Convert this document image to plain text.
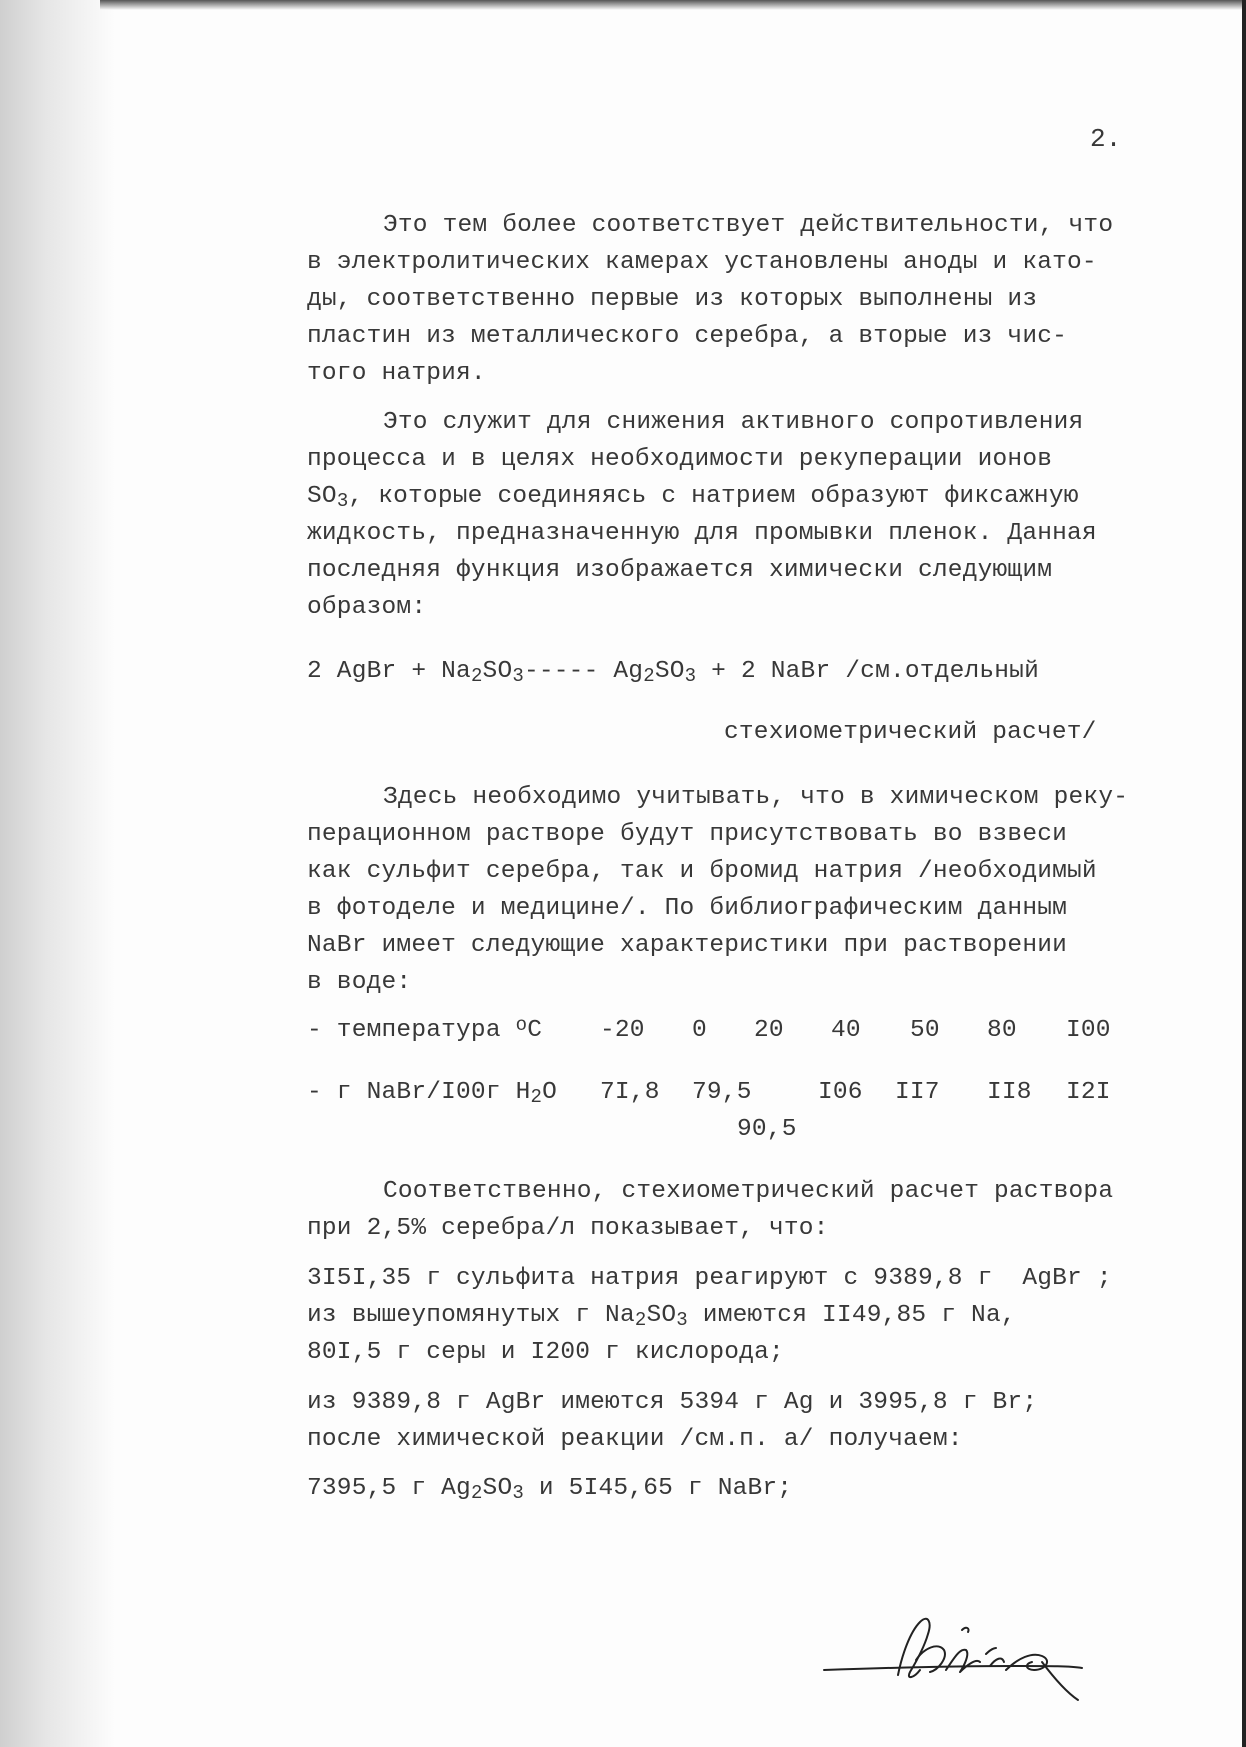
2.
Это тем более соответствует действительности, что
в электролитических камерах установлены аноды и като-
ды, соответственно первые из которых выполнены из
пластин из металлического серебра, а вторые из чис-
того натрия.
Это служит для снижения активного сопротивления
процесса и в целях необходимости рекуперации ионов
$SO_3$, которые соединяясь с натрием образуют фиксажную
жидкость, предназначенную для промывки пленок. Данная
последняя функция изображается химически следующим
образом:
2 AgBr + $Na_2SO_3-----$ $Ag_2SO_3 + 2$ NaBr /см.отдельный
стехиометрический расчет/
Здесь необходимо учитывать, что в химическом реку-
перационном растворе будут присутствовать во взвеси
как сульфит серебра, так и бромид натрия /необходимый
в фотоделе и медицине/. По библиографическим данным
NaBr имеет следующие характеристики при растворении
в воде:
- температура $^o$C -20 0 20 40 50 80 I00
- г NaBr/I00г $H_2O$ 7I,8 79,5	I06 II7 II8 I2I
90,5
Соответственно, стехиометрический расчет раствора
при 2,5% серебра/л показывает, что:
3I5I,35 г сульфита натрия реагируют с 9389,8 г  AgBr ;
из вышеупомянутых г $Na_2SO_3$ имеются II49,85 г Na,
80I,5 г серы и I200 г кислорода;
из 9389,8 г AgBr имеются 5394 г Ag и 3995,8 г Br;
после химической реакции /см.п. а/ получаем:
7395,5 г $Ag_2SO_3$ и 5I45,65 г NaBr;
